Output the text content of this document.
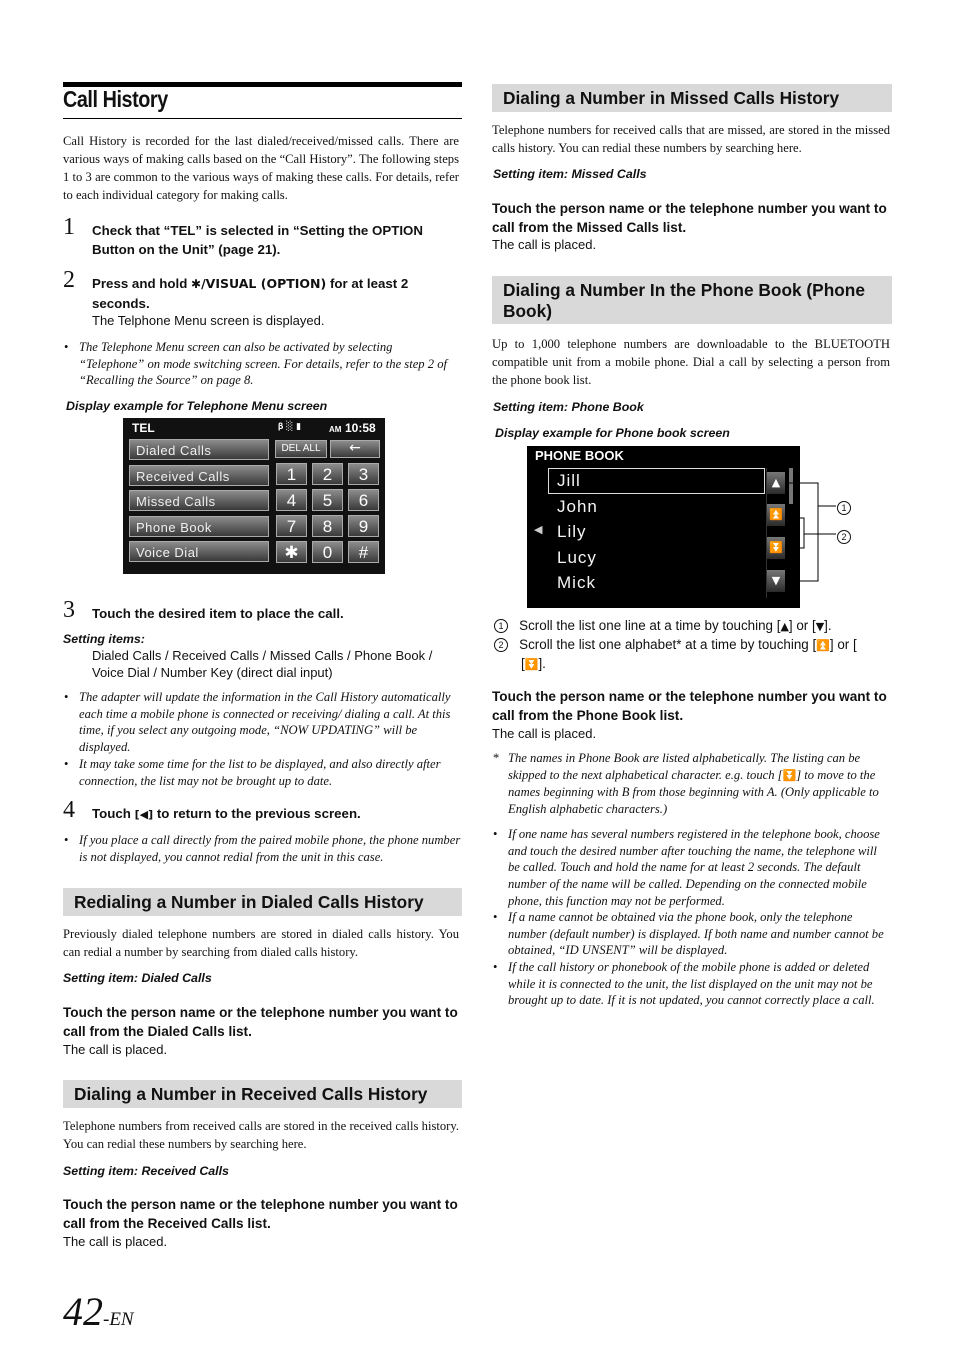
Call History
Call History is recorded for the last dialed/received/missed calls. There are various ways of making calls based on the “Call History”. The following steps 1 to 3 are common to the various ways of making these calls. For details, refer to each individual category for making calls.
1 Check that “TEL” is selected in “Setting the OPTION Button on the Unit” (page 21).
2 Press and hold ✱/VISUAL (OPTION) for at least 2 seconds.
The Telphone Menu screen is displayed.
• The Telephone Menu screen can also be activated by selecting “Telephone” on mode switching screen. For details, refer to the step 2 of “Recalling the Source” on page 8.
Display example for Telephone Menu screen
TEL	𝛃 ░ ▮	AM 10:58
Dialed Calls
Received Calls
Missed Calls
Phone Book
Voice Dial
DEL ALL	←
1	2	3
4	5	6
7	8	9
✱	0	#
3 Touch the desired item to place the call.
Setting items:
Dialed Calls / Received Calls / Missed Calls / Phone Book / Voice Dial / Number Key (direct dial input)
• The adapter will update the information in the Call History automatically each time a mobile phone is connected or receiving/ dialing a call. At this time, if you select any outgoing mode, “NOW UPDATING” will be displayed.
• It may take some time for the list to be displayed, and also directly after connection, the list may not be brought up to date.
4 Touch [◀] to return to the previous screen.
• If you place a call directly from the paired mobile phone, the phone number is not displayed, you cannot redial from the unit in this case.
Redialing a Number in Dialed Calls History
Previously dialed telephone numbers are stored in dialed calls history. You can redial a number by searching from dialed calls history.
Setting item: Dialed Calls
Touch the person name or the telephone number you want to call from the Dialed Calls list.
The call is placed.
Dialing a Number in Received Calls History
Telephone numbers from received calls are stored in the received calls history. You can redial these numbers by searching here.
Setting item: Received Calls
Touch the person name or the telephone number you want to call from the Received Calls list.
The call is placed.
42-EN
Dialing a Number in Missed Calls History
Telephone numbers for received calls that are missed, are stored in the missed calls history. You can redial these numbers by searching here.
Setting item: Missed Calls
Touch the person name or the telephone number you want to call from the Missed Calls list.
The call is placed.
Dialing a Number In the Phone Book (Phone Book)
Up to 1,000 telephone numbers are downloadable to the BLUETOOTH compatible unit from a mobile phone. Dial a call by selecting a person from the phone book list.
Setting item: Phone Book
Display example for Phone book screen
PHONE BOOK
Jill
John
Lily
Lucy
Mick
◀
▲
⏫
⏬
▼
1
2
1 Scroll the list one line at a time by touching [▲] or [▼].
2 Scroll the list one alphabet* at a time by touching [⏫] or [
[⏬].
Touch the person name or the telephone number you want to call from the Phone Book list.
The call is placed.
* The names in Phone Book are listed alphabetically. The listing can be skipped to the next alphabetical character. e.g. touch [⏬] to move to the names beginning with B from those beginning with A. (Only applicable to English alphabetic characters.)
• If one name has several numbers registered in the telephone book, choose and touch the desired number after touching the name, the telephone will be called. Touch and hold the name for at least 2 seconds. The default number of the name will be called. Depending on the connected mobile phone, this function may not be performed.
• If a name cannot be obtained via the phone book, only the telephone number (default number) is displayed. If both name and number cannot be obtained, “ID UNSENT” will be displayed.
• If the call history or phonebook of the mobile phone is added or deleted while it is connected to the unit, the list displayed on the unit may not be brought up to date. If it is not updated, you cannot correctly place a call.
